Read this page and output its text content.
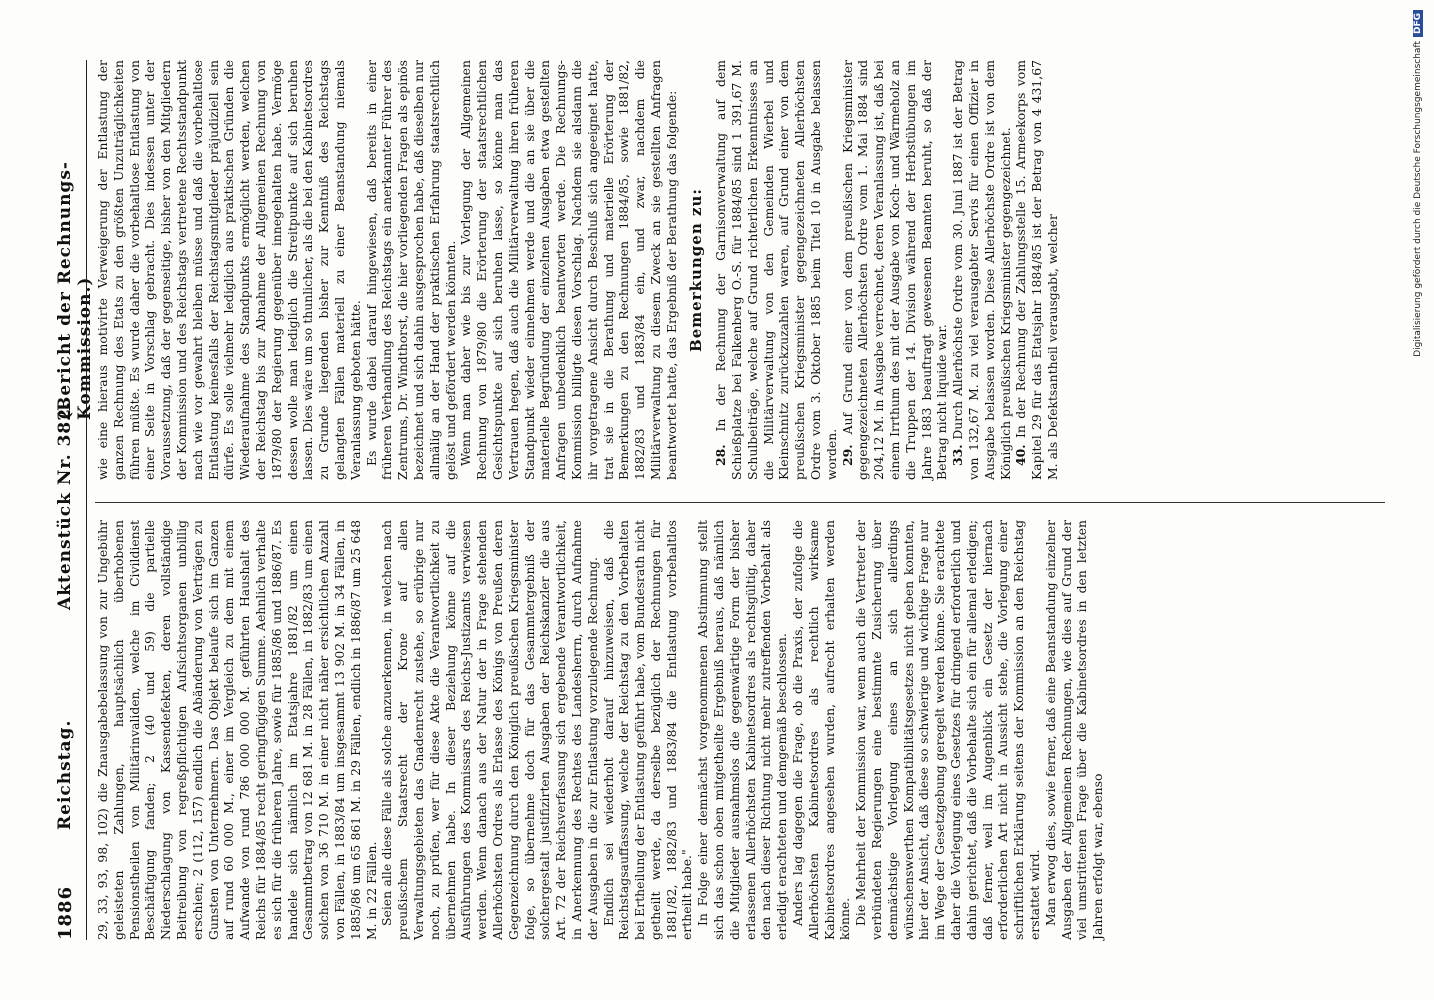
1886
Reichstag.
Aktenstück Nr. 382.
(Bericht der Rechnungs-Kommission.)

29, 33, 93, 98, 102) die Znausgabebelassung von zur Ungebühr geleisteten Zahlungen, hauptsächlich überhobenen Pensionstheilen von Militärinvaliden, welche im Civildienst Beschäftigung fanden; 2 (40 und 59) die partielle Niederschlagung von Kassendefekten, deren vollständige Beitreibung von regreßpflichtigen Aufsichtsorganen unbillig erschien; 2 (112, 157) endlich die Abänderung von Verträgen zu Gunsten von Unternehmern. Das Objekt belaufe sich im Ganzen auf rund 60 000 M., einer im Vergleich zu dem mit einem Aufwande von rund 786 000 000 M. geführten Haushalt des Reichs für 1884/85 recht geringfügigen Summe. Aehnlich verhalte es sich für die früheren Jahre, sowie für 1885/86 und 1886/87. Es handele sich nämlich im Etatsjahre 1881/82 um einen Gesammtbetrag von 12 681 M. in 28 Fällen, in 1882/83 um einen solchen von 36 710 M. in einer nicht näher ersichtlichen Anzahl von Fällen, in 1883/84 um insgesammt 13 902 M. in 34 Fällen, in 1885/86 um 65 861 M. in 29 Fällen, endlich in 1886/87 um 25 648 M. in 22 Fällen. Seien alle diese Fälle als solche anzuerkennen, in welchen nach preußischem Staatsrecht der Krone auf allen Verwaltungsgebieten das Gnadenrecht zustehe, so erübrige nur noch, zu prüfen, wer für diese Akte die Verantwortlichkeit zu übernehmen habe. In dieser Beziehung könne auf die Ausführungen des Kommissars des Reichs-Justizamts verwiesen werden. Wenn danach aus der Natur der in Frage stehenden Allerhöchsten Ordres als Erlasse des Königs von Preußen deren Gegenzeichnung durch den Königlich preußischen Kriegsminister folge, so übernehme doch für das Gesammtergebniß der solchergestalt justifizirten Ausgaben der Reichskanzler die aus Art. 72 der Reichsverfassung sich ergebende Verantwortlichkeit, in Anerkennung des Rechtes des Landesherrn, durch Aufnahme der Ausgaben in die zur Entlastung vorzulegende Rechnung. Endlich sei wiederholt darauf hinzuweisen, daß die Reichstagsauffassung, welche der Reichstag zu den Vorbehalten bei Ertheilung der Entlastung geführt habe, vom Bundesrath nicht getheilt werde, da derselbe bezüglich der Rechnungen für 1881/82, 1882/83 und 1883/84 die Entlastung vorbehaltlos ertheilt habe." In Folge einer demnächst vorgenommenen Abstimmung stellt sich das schon oben mitgetheilte Ergebniß heraus, daß nämlich die Mitglieder ausnahmslos die gegenwärtige Form der bisher erlassenen Allerhöchsten Kabinetsordres als rechtsgültig, daher den nach dieser Richtung nicht mehr zutreffenden Vorbehalt als erledigt erachteten und demgemäß beschlossen. Anders lag dagegen die Frage, ob die Praxis, der zufolge die Allerhöchsten Kabinetsordres als rechtlich wirksame Kabinetsordres angesehen wurden, aufrecht erhalten werden könne. Die Mehrheit der Kommission war, wenn auch die Vertreter der verbündeten Regierungen eine bestimmte Zusicherung über demnächstige Vorlegung eines an sich allerdings wünschenswerthen Kompatibilitätsgesetzes nicht geben konnten, hier der Ansicht, daß diese so schwierige und wichtige Frage nur im Wege der Gesetzgebung geregelt werden könne. Sie erachtete daher die Vorlegung eines Gesetzes für dringend erforderlich und dahin gerichtet, daß die Vorbehalte sich ein für allemal erledigen; daß ferner, weil im Augenblick ein Gesetz der hiernach erforderlichen Art nicht in Aussicht stehe, die Vorlegung einer schriftlichen Erklärung seitens der Kommission an den Reichstag erstattet wird. Man erwog dies, sowie ferner, daß eine Beanstandung einzelner Ausgaben der Allgemeinen Rechnungen, wie dies auf Grund der viel umstrittenen Frage über die Kabinetsordres in den letzten Jahren erfolgt war, ebenso

wie eine hieraus motivirte Verweigerung der Entlastung der ganzen Rechnung des Etats zu den größten Unzuträglichkeiten führen müßte. Es wurde daher die vorbehaltlose Entlastung von einer Seite in Vorschlag gebracht. Dies indessen unter der Voraussetzung, daß der gegenseitige, bisher von den Mitgliedern der Kommission und des Reichstags vertretene Rechtsstandpunkt nach wie vor gewahrt bleiben müsse und daß die vorbehaltlose Entlastung keinesfalls der Reichstagsmitglieder präjudiziell sein dürfe. Es solle vielmehr lediglich aus praktischen Gründen die Wiederaufnahme des Standpunkts ermöglicht werden, welchen der Reichstag bis zur Abnahme der Allgemeinen Rechnung von 1879/80 der Regierung gegenüber innegehalten habe. Vermöge dessen wolle man lediglich die Streitpunkte auf sich beruhen lassen. Dies wäre um so thunlicher, als die bei den Kabinetsordres zu Grunde liegenden bisher zur Kenntniß des Reichstags gelangten Fällen materiell zu einer Beanstandung niemals Veranlassung geboten hätte. Es wurde dabei darauf hingewiesen, daß bereits in einer früheren Verhandlung des Reichstags ein anerkannter Führer des Zentrums, Dr. Windthorst, die hier vorliegenden Fragen als epinös bezeichnet und sich dahin ausgesprochen habe, daß dieselben nur allmälig an der Hand der praktischen Erfahrung staatsrechtlich gelöst und gefördert werden könnten. Wenn man daher wie bis zur Vorlegung der Allgemeinen Rechnung von 1879/80 die Erörterung der staatsrechtlichen Gesichtspunkte auf sich beruhen lasse, so könne man das Vertrauen hegen, daß auch die Militärverwaltung ihren früheren Standpunkt wieder einnehmen werde und die an sie über die materielle Begründung der einzelnen Ausgaben etwa gestellten Anfragen unbedenklich beantworten werde. Die Rechnungs-Kommission billigte diesen Vorschlag. Nachdem sie alsdann die ihr vorgetragene Ansicht durch Beschluß sich angeeignet hatte, trat sie in die Berathung und materielle Erörterung der Bemerkungen zu den Rechnungen 1884/85, sowie 1881/82, 1882/83 und 1883/84 ein, und zwar, nachdem die Militärverwaltung zu diesem Zweck an sie gestellten Anfragen beantwortet hatte, das Ergebniß der Berathung das folgende: Bemerkungen zu:

28. In der Rechnung der Garnisonverwaltung auf dem Schießplatze bei Falkenberg O.-S. für 1884/85 sind 1 391,67 M. Schulbeiträge, welche auf Grund richterlichen Erkenntnisses an die Militärverwaltung von den Gemeinden Wierbel und Kleinschnitz zurückzuzahlen waren, auf Grund einer von dem preußischen Kriegsminister gegengezeichneten Allerhöchsten Ordre vom 3. Oktober 1885 beim Titel 10 in Ausgabe belassen worden. 29. Auf Grund einer von dem preußischen Kriegsminister gegengezeichneten Allerhöchsten Ordre vom 1. Mai 1884 sind 204,12 M. in Ausgabe verrechnet, deren Veranlassung ist, daß bei einem Irrthum des mit der Ausgabe von Koch- und Wärmeholz an die Truppen der 14. Division während der Herbstübungen im Jahre 1883 beauftragt gewesenen Beamten beruht, so daß der Betrag nicht liquide war. 33. Durch Allerhöchste Ordre vom 30. Juni 1887 ist der Betrag von 132,67 M. zu viel verausgabter Servis für einen Offizier in Ausgabe belassen worden. Diese Allerhöchste Ordre ist von dem Königlich preußischen Kriegsminister gegengezeichnet. 40. In der Rechnung der Zahlungsstelle 15. Armeekorps vom Kapitel 29 für das Etatsjahr 1884/85 ist der Betrag von 4 431,67 M. als Defektsantheil verausgabt, welcher	Digitalisierung gefördert durch die Deutsche ForschungsgemeinschaftDFG
